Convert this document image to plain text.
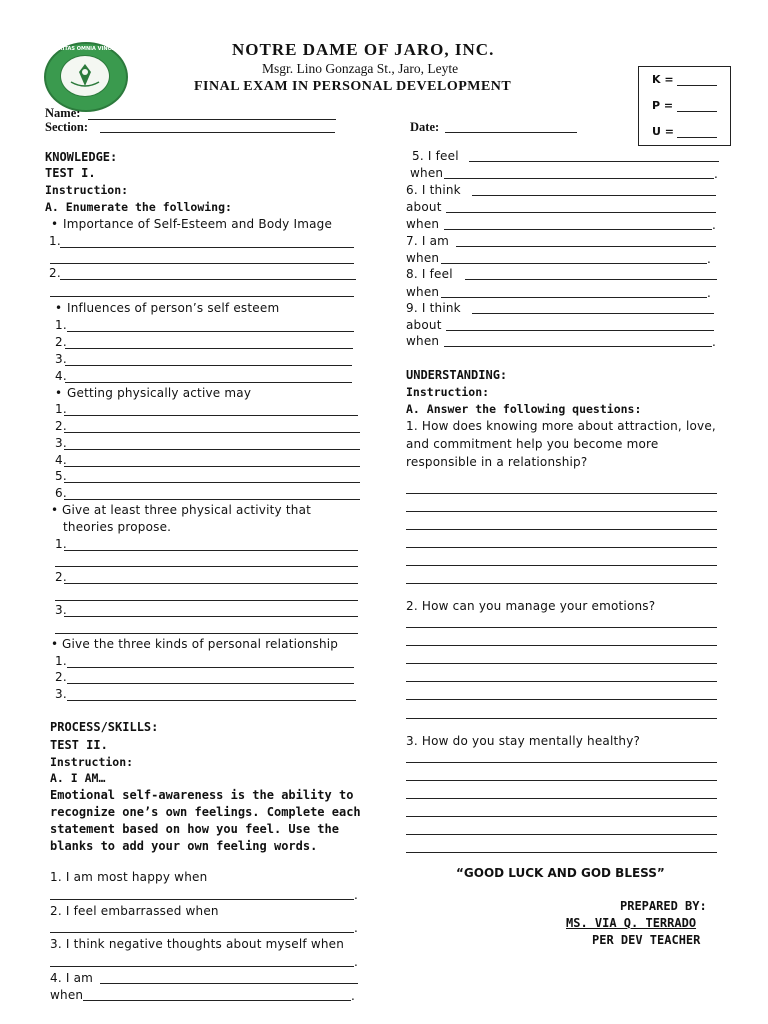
VERITAS OMNIA VINCIT	NOTRE DAME OF JARO, INC.
Msgr. Lino Gonzaga St., Jaro, Leyte
FINAL EXAM IN PERSONAL DEVELOPMENT	K =
P =
U =
Name:
Section:	Date:
KNOWLEDGE:
TEST I.
Instruction:
A. Enumerate the following:
• Importance of Self-Esteem and Body Image
1.
2.
• Influences of person’s self esteem
1.
2.
3.
4.
• Getting physically active may
1.
2.
3.
4.
5.
6.
• Give at least three physical activity that
theories propose.
1.
2.
3.
• Give the three kinds of personal relationship
1.
2.
3.
PROCESS/SKILLS:
TEST II.
Instruction:
A. I AM…
Emotional self-awareness is the ability to
recognize one’s own feelings. Complete each
statement based on how you feel. Use the
blanks to add your own feeling words.
1. I am most happy when
.
2. I feel embarrassed when
.
3. I think negative thoughts about myself when
.
4. I am
when	.
5. I feel
when	.
6. I think
about
when	.
7. I am
when	.
8. I feel
when	.
9. I think
about
when	.
UNDERSTANDING:
Instruction:
A. Answer the following questions:
1. How does knowing more about attraction, love,
and commitment help you become more
responsible in a relationship?
2. How can you manage your emotions?
3. How do you stay mentally healthy?
“GOOD LUCK AND GOD BLESS”
PREPARED BY:
MS. VIA Q. TERRADO
PER DEV TEACHER
